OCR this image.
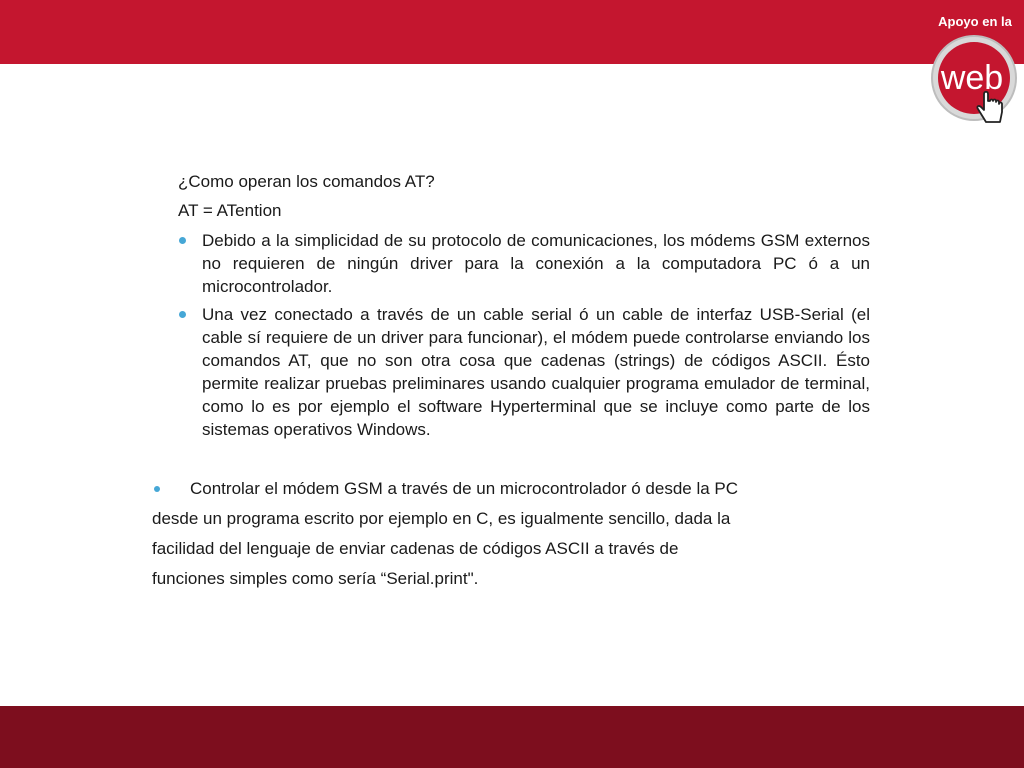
Apoyo en la
web
¿Como operan los comandos AT?
AT = ATention
Debido a la simplicidad de su protocolo de comunicaciones, los módems GSM externos no requieren de ningún driver para la conexión a la computadora PC ó a un microcontrolador.
Una vez conectado a través de un cable serial ó un cable de interfaz USB-Serial (el cable sí requiere de un driver para funcionar), el módem puede controlarse enviando los comandos AT, que no son otra cosa que cadenas (strings) de códigos ASCII. Ésto permite realizar pruebas preliminares usando cualquier programa emulador de terminal, como lo es por ejemplo el software Hyperterminal que se incluye como parte de los sistemas operativos Windows.
Controlar el módem GSM a través de un microcontrolador ó desde la PC
desde un programa escrito por ejemplo en C, es igualmente sencillo, dada la
facilidad del lenguaje de enviar cadenas de códigos ASCII a través de
funciones simples como sería “Serial.print".
